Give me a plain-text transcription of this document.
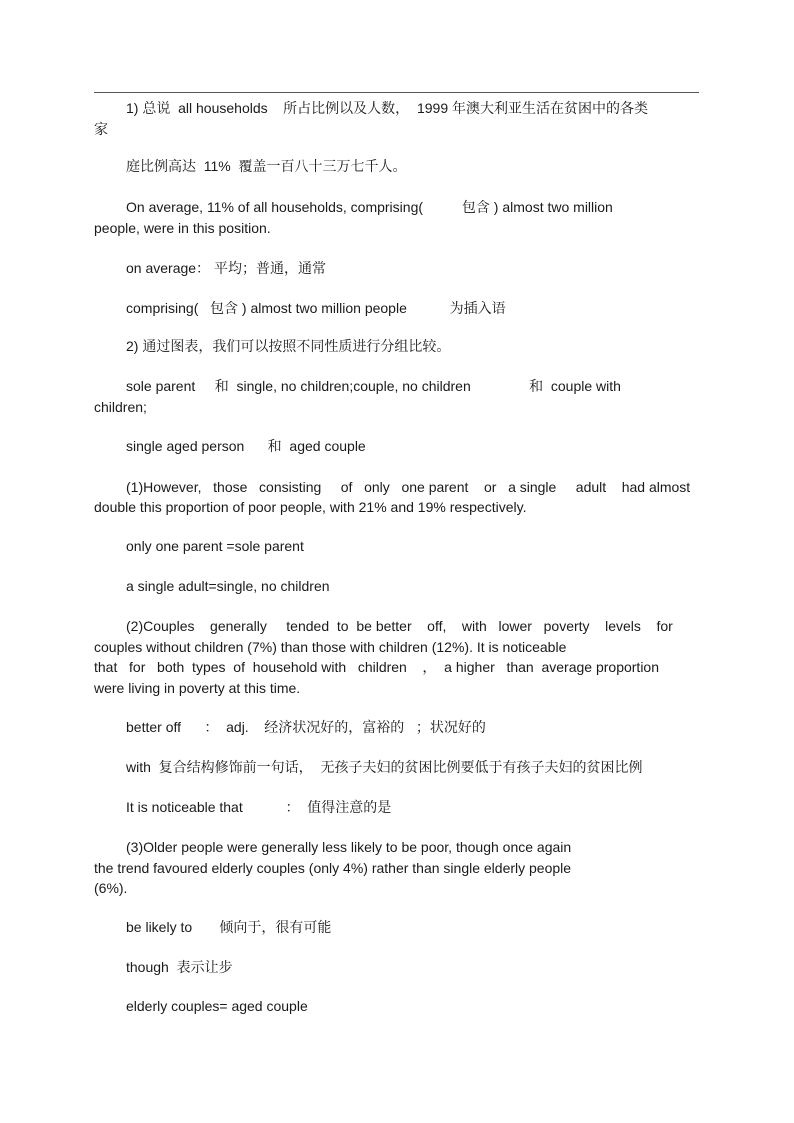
1) 总说  all households    所占比例以及人数，  1999 年澳大利亚生活在贫困中的各类
庭比例高达  11%  覆盖一百八十三万七千人。
On average, 11% of all households, comprising(          包含 ) almost two million
people, were in this position.
on average： 平均；普通，通常
comprising(   包含 ) almost two million people           为插入语
2) 通过图表，我们可以按照不同性质进行分组比较。
sole parent     和  single, no children;couple, no children               和  couple with
children;
single aged person      和  aged couple
(1)However,   those   consisting     of   only   one parent    or   a single     adult    had almost
double this proportion of poor people, with 21% and 19% respectively.
only one parent =sole parent
a single adult=single, no children
(2)Couples    generally     tended  to  be better    off,    with   lower   poverty    levels    for
couples without children (7%) than those with children (12%). It is noticeable
that   for   both  types  of  household with   children    ，  a higher   than  average proportion
were living in poverty at this time.
better off      ：  adj.    经济状况好的，富裕的   ；状况好的
with  复合结构修饰前一句话，  无孩子夫妇的贫困比例要低于有孩子夫妇的贫困比例
It is noticeable that           ：  值得注意的是
(3)Older people were generally less likely to be poor, though once again
the trend favoured elderly couples (only 4%) rather than single elderly people
(6%).
be likely to       倾向于，很有可能
though  表示让步
elderly couples= aged couple
家
